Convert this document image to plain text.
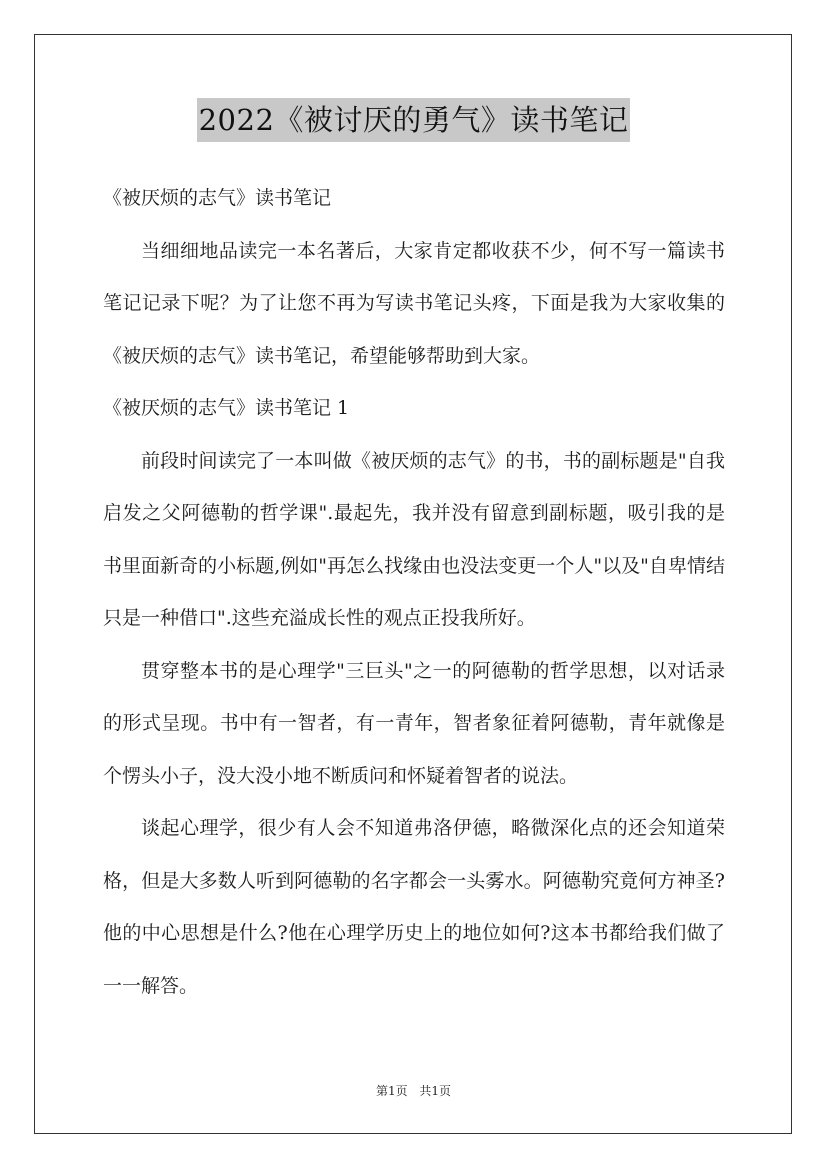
2022《被讨厌的勇气》读书笔记

《被厌烦的志气》读书笔记

当细细地品读完一本名著后，大家肯定都收获不少，何不写一篇读书笔记记录下呢？为了让您不再为写读书笔记头疼，下面是我为大家收集的《被厌烦的志气》读书笔记，希望能够帮助到大家。

《被厌烦的志气》读书笔记 1

前段时间读完了一本叫做《被厌烦的志气》的书，书的副标题是"自我启发之父阿德勒的哲学课".最起先，我并没有留意到副标题，吸引我的是书里面新奇的小标题,例如"再怎么找缘由也没法变更一个人"以及"自卑情结只是一种借口".这些充溢成长性的观点正投我所好。

贯穿整本书的是心理学"三巨头"之一的阿德勒的哲学思想，以对话录的形式呈现。书中有一智者，有一青年，智者象征着阿德勒，青年就像是个愣头小子，没大没小地不断质问和怀疑着智者的说法。

谈起心理学，很少有人会不知道弗洛伊德，略微深化点的还会知道荣格，但是大多数人听到阿德勒的名字都会一头雾水。阿德勒究竟何方神圣?他的中心思想是什么?他在心理学历史上的地位如何?这本书都给我们做了一一解答。

第1页 共1页
